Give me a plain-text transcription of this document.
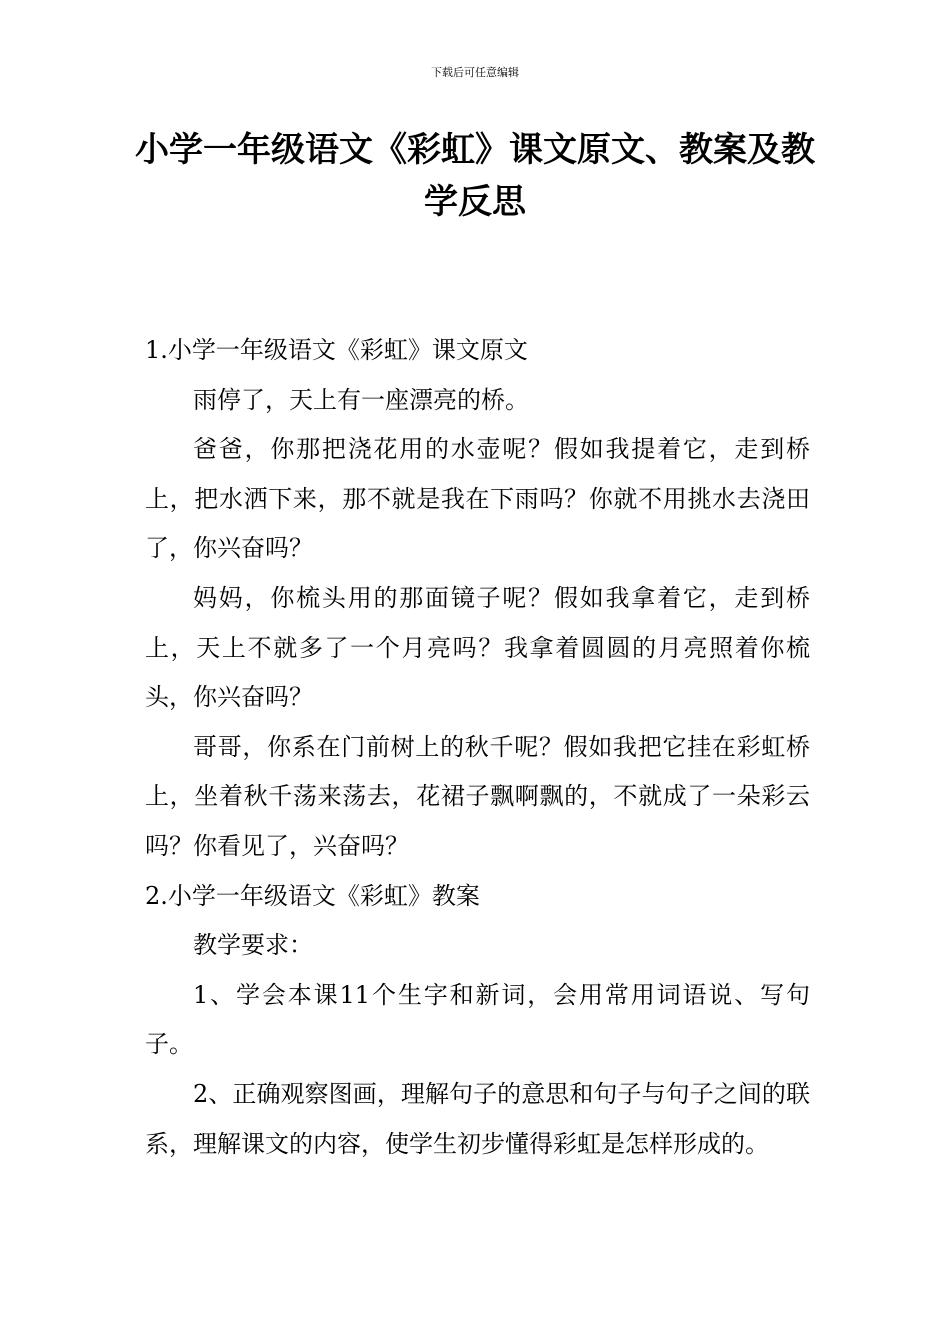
下载后可任意编辑
小学一年级语文《彩虹》课文原文、教案及教学反思

1.小学一年级语文《彩虹》课文原文

雨停了，天上有一座漂亮的桥。

爸爸，你那把浇花用的水壶呢？假如我提着它，走到桥上，把水洒下来，那不就是我在下雨吗？你就不用挑水去浇田了，你兴奋吗？

妈妈，你梳头用的那面镜子呢？假如我拿着它，走到桥上，天上不就多了一个月亮吗？我拿着圆圆的月亮照着你梳头，你兴奋吗？

哥哥，你系在门前树上的秋千呢？假如我把它挂在彩虹桥上，坐着秋千荡来荡去，花裙子飘啊飘的，不就成了一朵彩云吗？你看见了，兴奋吗？

2.小学一年级语文《彩虹》教案

教学要求：

1、学会本课11个生字和新词，会用常用词语说、写句子。

2、正确观察图画，理解句子的意思和句子与句子之间的联系，理解课文的内容，使学生初步懂得彩虹是怎样形成的。
